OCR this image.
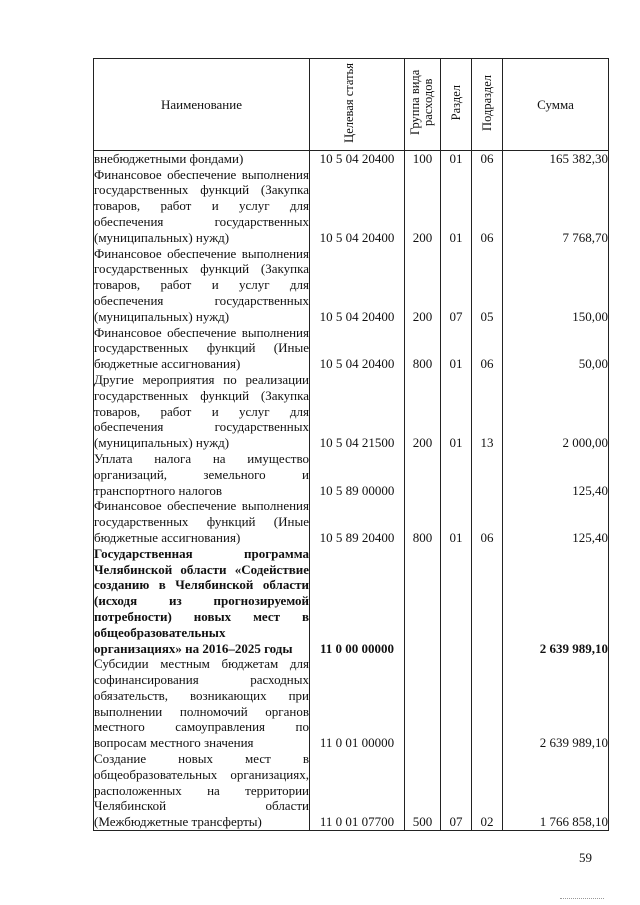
Наименование	Целевая статья	Группа вида расходов	Раздел	Подраздел	Сумма
внебюджетными фондами)	10 5 04 20400	100	01	06	165 382,30
Финансовое обеспечение выполнения государственных функций (Закупка товаров, работ и услуг для обеспечения государственных (муниципальных) нужд)	10 5 04 20400	200	01	06	7 768,70
Финансовое обеспечение выполнения государственных функций (Закупка товаров, работ и услуг для обеспечения государственных (муниципальных) нужд)	10 5 04 20400	200	07	05	150,00
Финансовое обеспечение выполнения государственных функций (Иные бюджетные ассигнования)	10 5 04 20400	800	01	06	50,00
Другие мероприятия по реализации государственных функций (Закупка товаров, работ и услуг для обеспечения государственных (муниципальных) нужд)	10 5 04 21500	200	01	13	2 000,00
Уплата налога на имущество организаций, земельного и транспортного налогов	10 5 89 00000				125,40
Финансовое обеспечение выполнения государственных функций (Иные бюджетные ассигнования)	10 5 89 20400	800	01	06	125,40
Государственная программа Челябинской области «Содействие созданию в Челябинской области (исходя из прогнозируемой потребности) новых мест в общеобразовательных организациях» на 2016–2025 годы	11 0 00 00000				2 639 989,10
Субсидии местным бюджетам для софинансирования расходных обязательств, возникающих при выполнении полномочий органов местного самоуправления по вопросам местного значения	11 0 01 00000				2 639 989,10
Создание новых мест в общеобразовательных организациях, расположенных на территории Челябинской области (Межбюджетные трансферты)	11 0 01 07700	500	07	02	1 766 858,10
59
